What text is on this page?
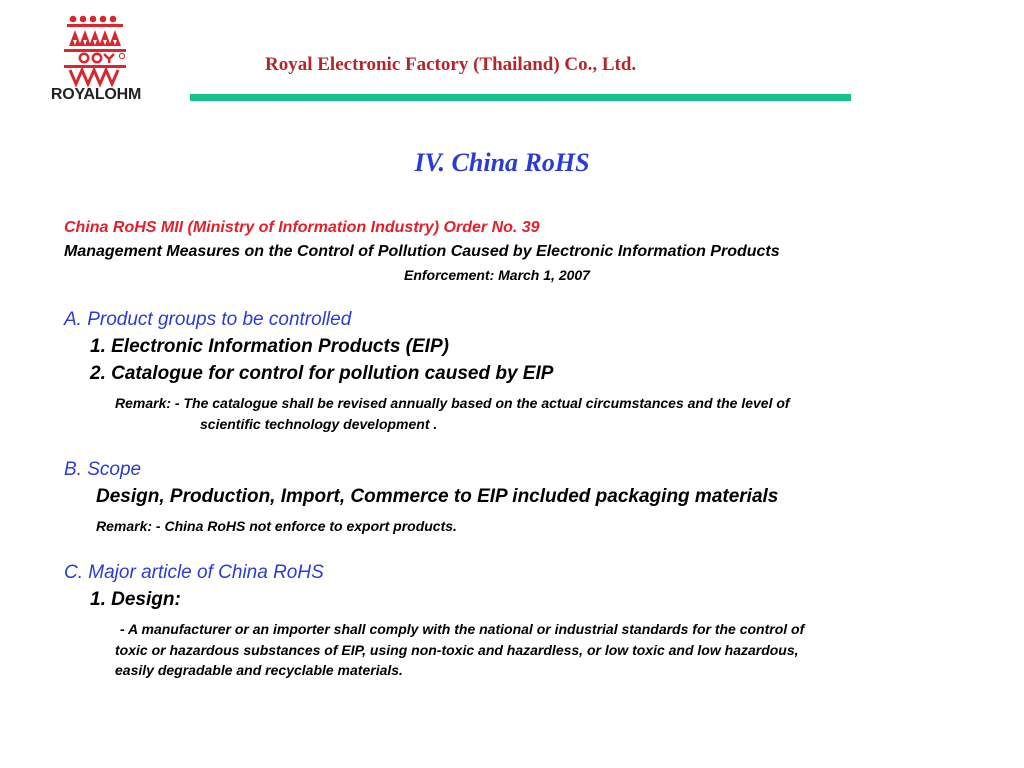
ROYALOHM

Royal Electronic Factory (Thailand) Co., Ltd.

IV. China RoHS

China RoHS MII (Ministry of Information Industry) Order No. 39

Management Measures on the Control of Pollution Caused by Electronic Information Products

Enforcement: March 1, 2007

A. Product groups to be controlled

1. Electronic Information Products (EIP)

2. Catalogue for control for pollution caused by EIP

Remark: - The catalogue shall be revised annually based on the actual circumstances and the level of

scientific technology development .

B. Scope

Design, Production, Import, Commerce to EIP included packaging materials

Remark: - China RoHS not enforce to export products.

C. Major article of China RoHS

1. Design:

- A manufacturer or an importer shall comply with the national or industrial standards for the control of

toxic or hazardous substances of EIP, using non-toxic and hazardless, or low toxic and low hazardous,

easily degradable and recyclable materials.
